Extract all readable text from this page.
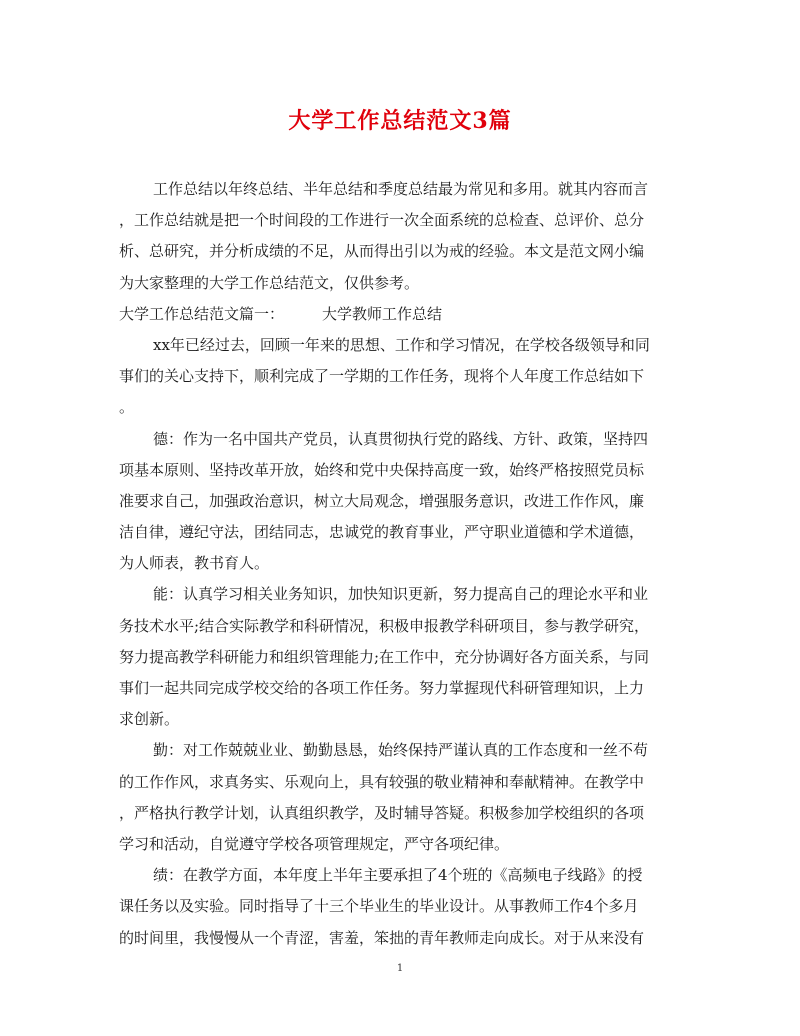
大学工作总结范文3篇
工作总结以年终总结、半年总结和季度总结最为常见和多用。就其内容而言
，工作总结就是把一个时间段的工作进行一次全面系统的总检查、总评价、总分
析、总研究，并分析成绩的不足，从而得出引以为戒的经验。本文是范文网小编
为大家整理的大学工作总结范文，仅供参考。
大学工作总结范文篇一：	大学教师工作总结
xx年已经过去，回顾一年来的思想、工作和学习情况，在学校各级领导和同
事们的关心支持下，顺利完成了一学期的工作任务，现将个人年度工作总结如下
。
德：作为一名中国共产党员，认真贯彻执行党的路线、方针、政策，坚持四
项基本原则、坚持改革开放，始终和党中央保持高度一致，始终严格按照党员标
准要求自己，加强政治意识，树立大局观念，增强服务意识，改进工作作风，廉
洁自律，遵纪守法，团结同志，忠诚党的教育事业，严守职业道德和学术道德，
为人师表，教书育人。
能：认真学习相关业务知识，加快知识更新，努力提高自己的理论水平和业
务技术水平;结合实际教学和科研情况，积极申报教学科研项目，参与教学研究，
努力提高教学科研能力和组织管理能力;在工作中，充分协调好各方面关系，与同
事们一起共同完成学校交给的各项工作任务。努力掌握现代科研管理知识，上力
求创新。
勤：对工作兢兢业业、勤勤恳恳，始终保持严谨认真的工作态度和一丝不苟
的工作作风，求真务实、乐观向上，具有较强的敬业精神和奉献精神。在教学中
，严格执行教学计划，认真组织教学，及时辅导答疑。积极参加学校组织的各项
学习和活动，自觉遵守学校各项管理规定，严守各项纪律。
绩：在教学方面，本年度上半年主要承担了4个班的《高频电子线路》的授
课任务以及实验。同时指导了十三个毕业生的毕业设计。从事教师工作4个多月
的时间里，我慢慢从一个青涩，害羞，笨拙的青年教师走向成长。对于从来没有
1
